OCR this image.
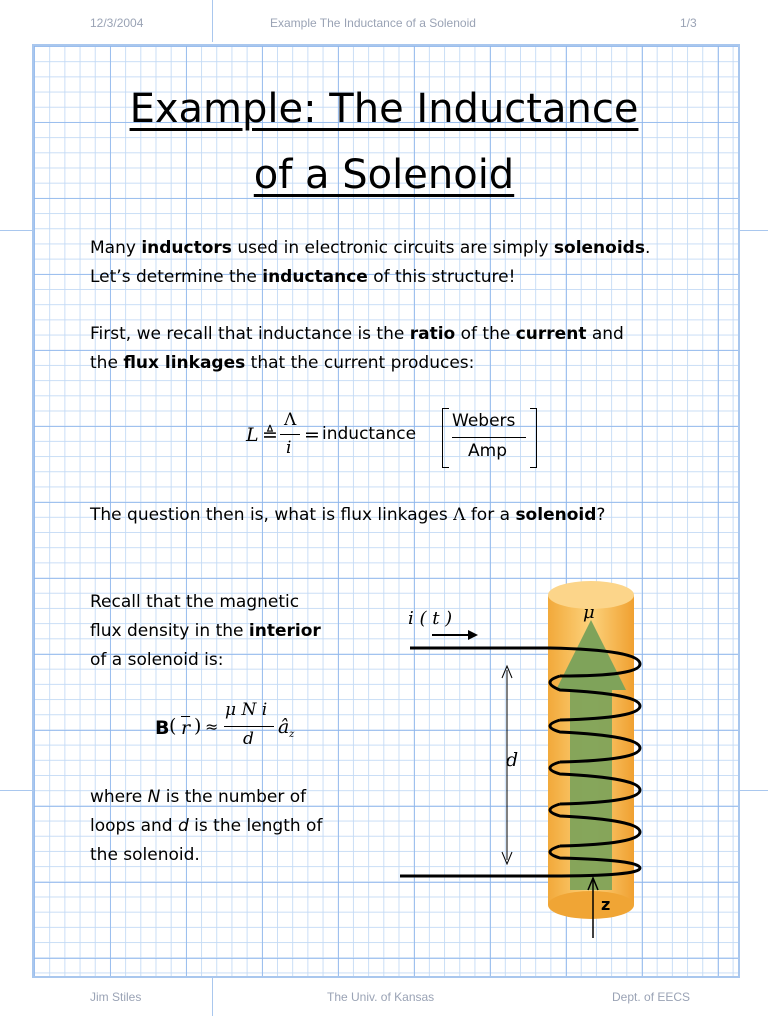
12/3/2004	Example The Inductance of a Solenoid	1/3
Example: The Inductance
of a Solenoid
Many inductors used in electronic circuits are simply solenoids.
Let’s determine the inductance of this structure!
First, we recall that inductance is the ratio of the current and
the flux linkages that the current produces:
L ≜
Λ
i
= inductance
Webers
Amp
The question then is, what is flux linkages Λ for a solenoid?
Recall that the magnetic
flux density in the interior
of a solenoid is:
B ( $\overline{r}$ ) ≈
μ N i
d
â z
where N is the number of
loops and d is the length of
the solenoid.
i ( t )	μ
d
z
Jim Stiles	The Univ. of Kansas	Dept. of EECS
